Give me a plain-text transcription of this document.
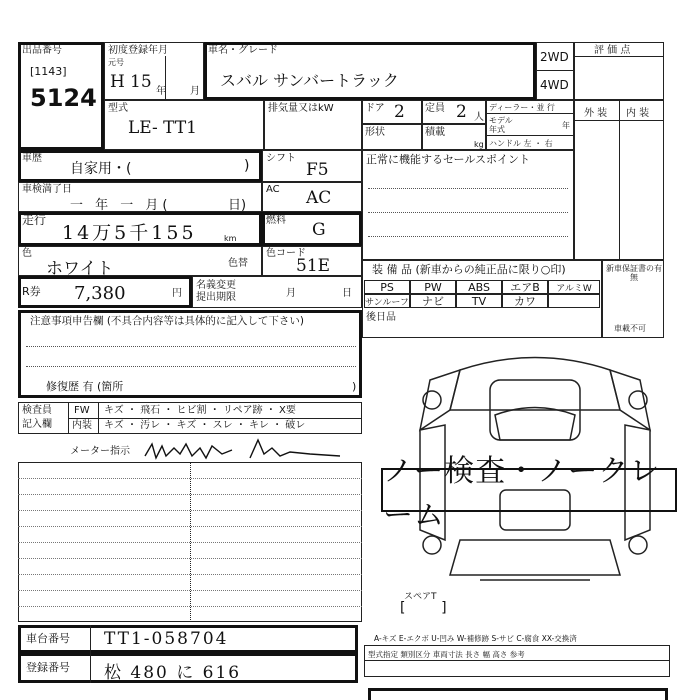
出品番号
[1143]
5124
初度登録年月
元号
H 15 年 月
車名・グレード
スバル サンバートラック
2WD
4WD
評 価 点
型式
LE- TT1
排気量又はkW	ドア 2 定員 2 人
ディーラー・並 行
モデル年式	年
ハンドル 左 ・ 右
形状	積載
kg
外 装 内 装
車歴
自家用・(	) シフト
F5
車検満了日
一 年 一 月(	日)
AC AC
走行
14万5千155	km
燃料 G
色
ホワイト	色替
色コード
51E
R券 7,380	円
名義変更 提出期限	月	日
正常に機能するセールスポイント
装 備 品 (新車からの純正品に限り○印)
PS	PW	ABS	エアB	アルミW
サンルーフ	ナビ	TV	カワ
後日品
新車保証書の有無
車載不可
注意事項申告欄 (不具合内容等は具体的に記入して下さい)
修復歴 有 (箇所	)
検査員
記入欄
FW キズ ・ 飛石 ・ ヒビ割 ・ リペア跡 ・ X要
内装 キズ ・ 汚レ ・ キズ ・ スレ ・ キレ ・ 破レ
メーター指示
ノー検査・ノークレーム
スペアT
[        ]
車台番号 TT1-058704
登録番号 松 480 に 616
A-キズ E-エクボ U-凹み W-補修跡 S-サビ C-腐食 XX-交換済
型式指定 類別区分 車両寸法 長さ 幅 高さ 参考
